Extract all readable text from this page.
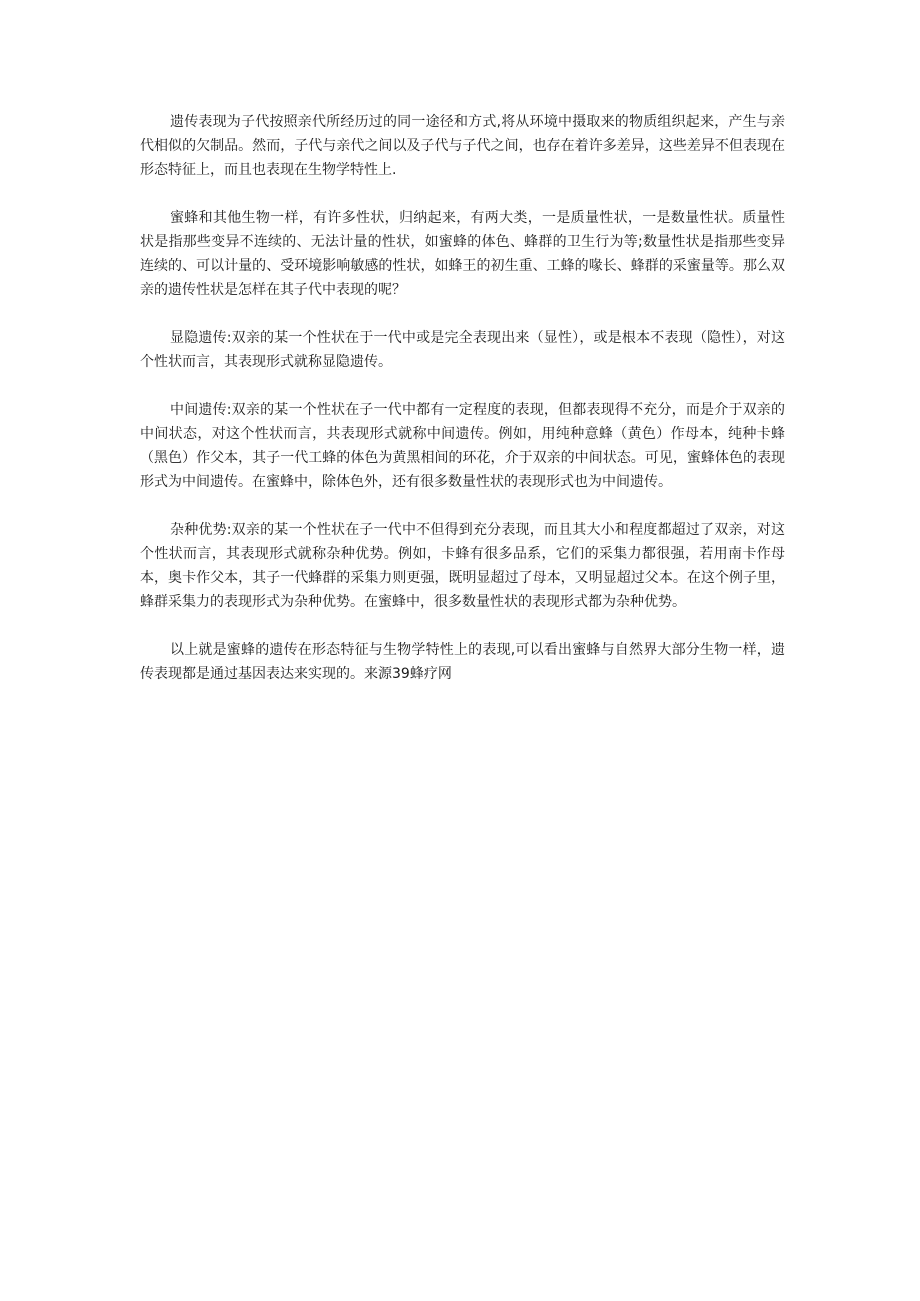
遗传表现为子代按照亲代所经历过的同一途径和方式,将从环境中摄取来的物质组织起来，产生与亲代相似的欠制品。然而，子代与亲代之间以及子代与子代之间，也存在着许多差异，这些差异不但表现在形态特征上，而且也表现在生物学特性上.

蜜蜂和其他生物一样，有许多性状，归纳起来，有两大类，一是质量性状，一是数量性状。质量性状是指那些变异不连续的、无法计量的性状，如蜜蜂的体色、蜂群的卫生行为等;数量性状是指那些变异连续的、可以计量的、受环境影响敏感的性状，如蜂王的初生重、工蜂的喙长、蜂群的采蜜量等。那么双亲的遗传性状是怎样在其子代中表现的呢？

显隐遗传:双亲的某一个性状在于一代中或是完全表现出来（显性），或是根本不表现（隐性），对这个性状而言，其表现形式就称显隐遗传。

中间遗传:双亲的某一个性状在子一代中都有一定程度的表现，但都表现得不充分，而是介于双亲的中间状态，对这个性状而言，共表现形式就称中间遗传。例如，用纯种意蜂（黄色）作母本，纯种卡蜂（黑色）作父本，其子一代工蜂的体色为黄黑相间的环花，介于双亲的中间状态。可见，蜜蜂体色的表现形式为中间遗传。在蜜蜂中，除体色外，还有很多数量性状的表现形式也为中间遗传。

杂种优势:双亲的某一个性状在子一代中不但得到充分表现，而且其大小和程度都超过了双亲，对这个性状而言，其表现形式就称杂种优势。例如，卡蜂有很多品系，它们的采集力都很强，若用南卡作母本，奥卡作父本，其子一代蜂群的采集力则更强，既明显超过了母本，又明显超过父本。在这个例子里，蜂群采集力的表现形式为杂种优势。在蜜蜂中，很多数量性状的表现形式都为杂种优势。

以上就是蜜蜂的遗传在形态特征与生物学特性上的表现,可以看出蜜蜂与自然界大部分生物一样，遗传表现都是通过基因表达来实现的。来源39蜂疗网
